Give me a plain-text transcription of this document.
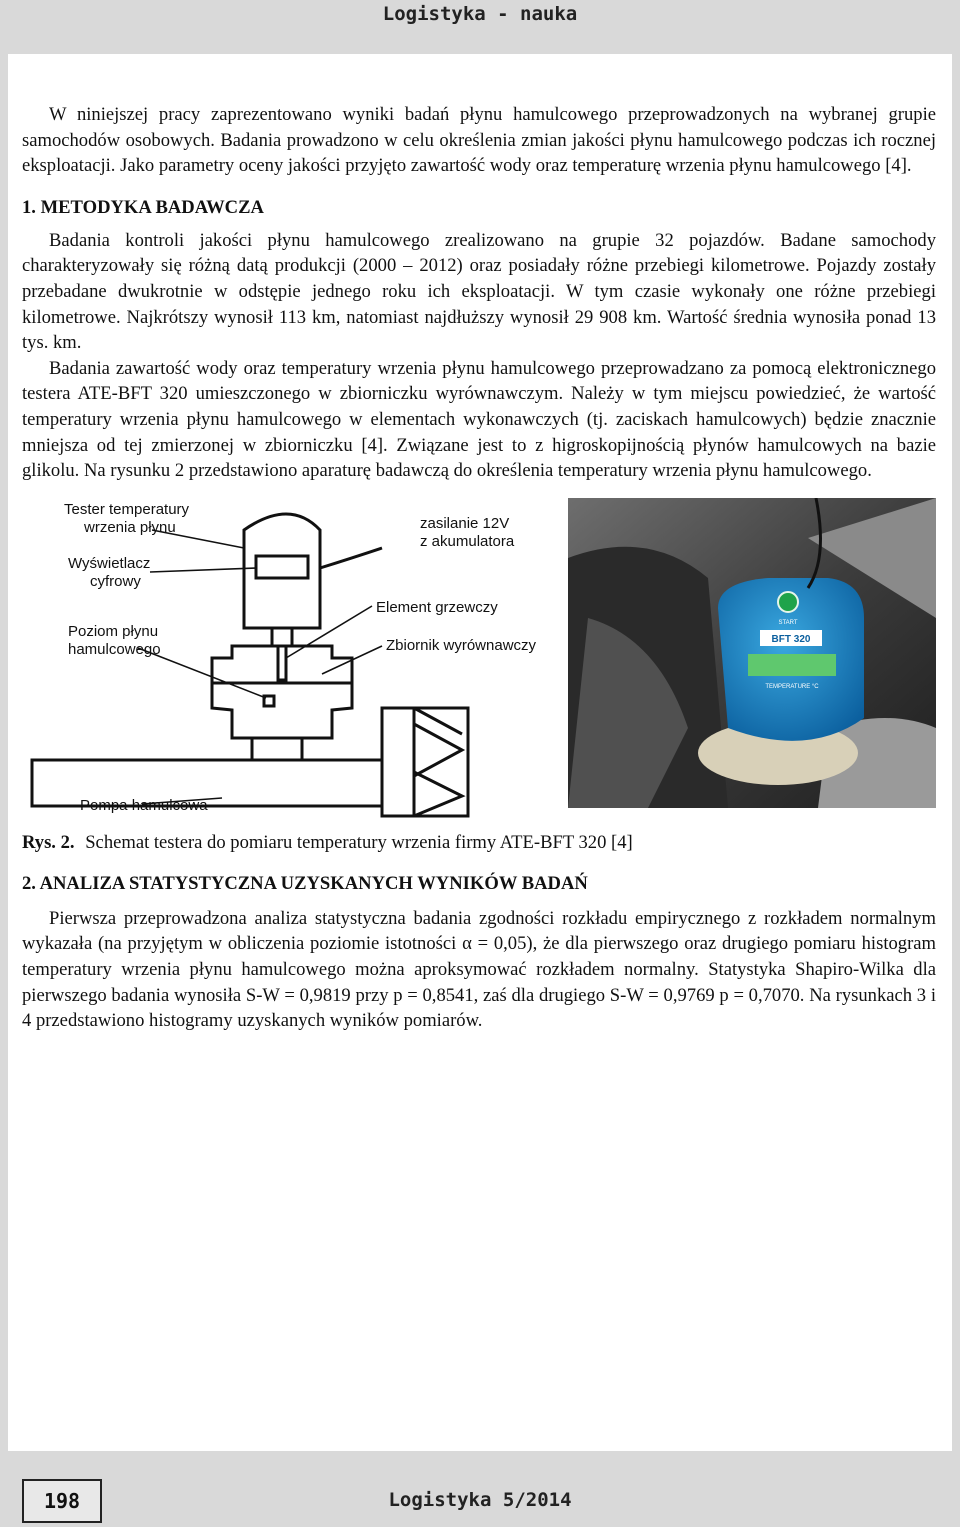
Logistyka - nauka

W niniejszej pracy zaprezentowano wyniki badań płynu hamulcowego przeprowadzonych na wybranej grupie samochodów osobowych. Badania prowadzono w celu określenia zmian jakości płynu hamulcowego podczas ich rocznej eksploatacji. Jako parametry oceny jakości przyjęto zawartość wody oraz temperaturę wrzenia płynu hamulcowego [4].

1. METODYKA BADAWCZA

Badania kontroli jakości płynu hamulcowego zrealizowano na grupie 32 pojazdów. Badane samochody charakteryzowały się różną datą produkcji (2000 – 2012) oraz posiadały różne przebiegi kilometrowe. Pojazdy zostały przebadane dwukrotnie w odstępie jednego roku ich eksploatacji. W tym czasie wykonały one różne przebiegi kilometrowe. Najkrótszy wynosił 113 km, natomiast najdłuższy wynosił 29 908 km. Wartość średnia wynosiła ponad 13 tys. km.

Badania zawartość wody oraz temperatury wrzenia płynu hamulcowego przeprowadzano za pomocą elektronicznego testera ATE-BFT 320 umieszczonego w zbiorniczku wyrównawczym. Należy w tym miejscu powiedzieć, że wartość temperatury wrzenia płynu hamulcowego w elementach wykonawczych (tj. zaciskach hamulcowych) będzie znacznie mniejsza od tej zmierzonej w zbiorniczku [4]. Związane jest to z higroskopijnością płynów hamulcowych na bazie glikolu. Na rysunku 2 przedstawiono aparaturę badawczą do określenia temperatury wrzenia płynu hamulcowego.

Tester temperatury
wrzenia płynu
Wyświetlacz
cyfrowy
zasilanie 12V
z akumulatora
Element grzewczy
Poziom płynu
hamulcowego	Zbiornik wyrównawczy
Pompa hamulcowa
START
BFT 320
TEMPERATURE °C
Rys. 2. Schemat testera do pomiaru temperatury wrzenia firmy ATE-BFT 320 [4]
2. ANALIZA STATYSTYCZNA UZYSKANYCH WYNIKÓW BADAŃ

Pierwsza przeprowadzona analiza statystyczna badania zgodności rozkładu empirycznego z rozkładem normalnym wykazała (na przyjętym w obliczenia poziomie istotności α = 0,05), że dla pierwszego oraz drugiego pomiaru histogram temperatury wrzenia płynu hamulcowego można aproksymować rozkładem normalny. Statystyka Shapiro-Wilka dla pierwszego badania wynosiła S-W = 0,9819 przy p = 0,8541, zaś dla drugiego S-W = 0,9769 p = 0,7070. Na rysunkach 3 i 4 przedstawiono histogramy uzyskanych wyników pomiarów.

198	Logistyka 5/2014
